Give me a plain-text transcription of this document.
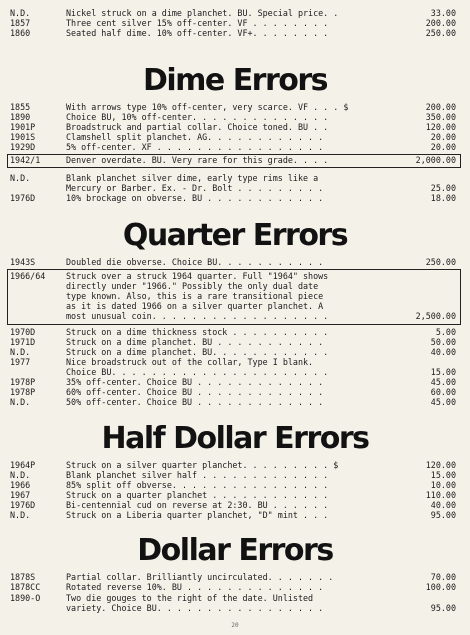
N.D.	Nickel struck on a dime planchet. BU. Special price. .	33.00
1857	Three cent silver 15% off-center. VF . . . . . . . .	200.00
1860	Seated half dime. 10% off-center. VF+. . . . . . . .	250.00
Dime Errors
1855	With arrows type 10% off-center, very scarce. VF . . . $	200.00
1890	Choice BU, 10% off-center. . . . . . . . . . . . . .	350.00
1901P	Broadstruck and partial collar. Choice toned. BU . .	120.00
1901S	Clamshell split planchet. AG. . . . . . . . . . . .	20.00
1929D	5% off-center. XF . . . . . . . . . . . . . . . . .	20.00
1942/1	Denver overdate. BU. Very rare for this grade. . . .	2,000.00
N.D.	Blank planchet silver dime, early type rims like a
Mercury or Barber. Ex. - Dr. Bolt . . . . . . . . .	25.00
1976D	10% brockage on obverse. BU . . . . . . . . . . . .	18.00
Quarter Errors
1943S	Doubled die obverse. Choice BU. . . . . . . . . . .	250.00
1966/64 Struck over a struck 1964 quarter. Full "1964" shows
directly under "1966." Possibly the only dual date
type known. Also, this is a rare transitional piece
as it is dated 1966 on a silver quarter planchet. A
most unusual coin. . . . . . . . . . . . . . . . . .	2,500.00
1970D	Struck on a dime thickness stock . . . . . . . . . .	5.00
1971D	Struck on a dime planchet. BU . . . . . . . . . . .	50.00
N.D.	Struck on a dime planchet. BU. . . . . . . . . . . .	40.00
1977	Nice broadstruck out of the collar, Type I blank.
Choice BU. . . . . . . . . . . . . . . . . . . . . .	15.00
1978P	35% off-center. Choice BU . . . . . . . . . . . . .	45.00
1978P	60% off-center. Choice BU . . . . . . . . . . . . .	60.00
N.D.	50% off-center. Choice BU . . . . . . . . . . . . .	45.00
Half Dollar Errors
1964P	Struck on a silver quarter planchet. . . . . . . . . $	120.00
N.D.	Blank planchet silver half . . . . . . . . . . . . .	15.00
1966	85% split off obverse. . . . . . . . . . . . . . . .	10.00
1967	Struck on a quarter planchet . . . . . . . . . . . .	110.00
1976D	Bi-centennial cud on reverse at 2:30. BU . . . . . .	40.00
N.D.	Struck on a Liberia quarter planchet, "D" mint . . .	95.00
Dollar Errors
1878S	Partial collar. Brilliantly uncirculated. . . . . . .	70.00
1878CC	Rotated reverse 10%. BU . . . . . . . . . . . . . .	100.00
1890-O	Two die gouges to the right of the date. Unlisted
variety. Choice BU. . . . . . . . . . . . . . . . .	95.00
20
